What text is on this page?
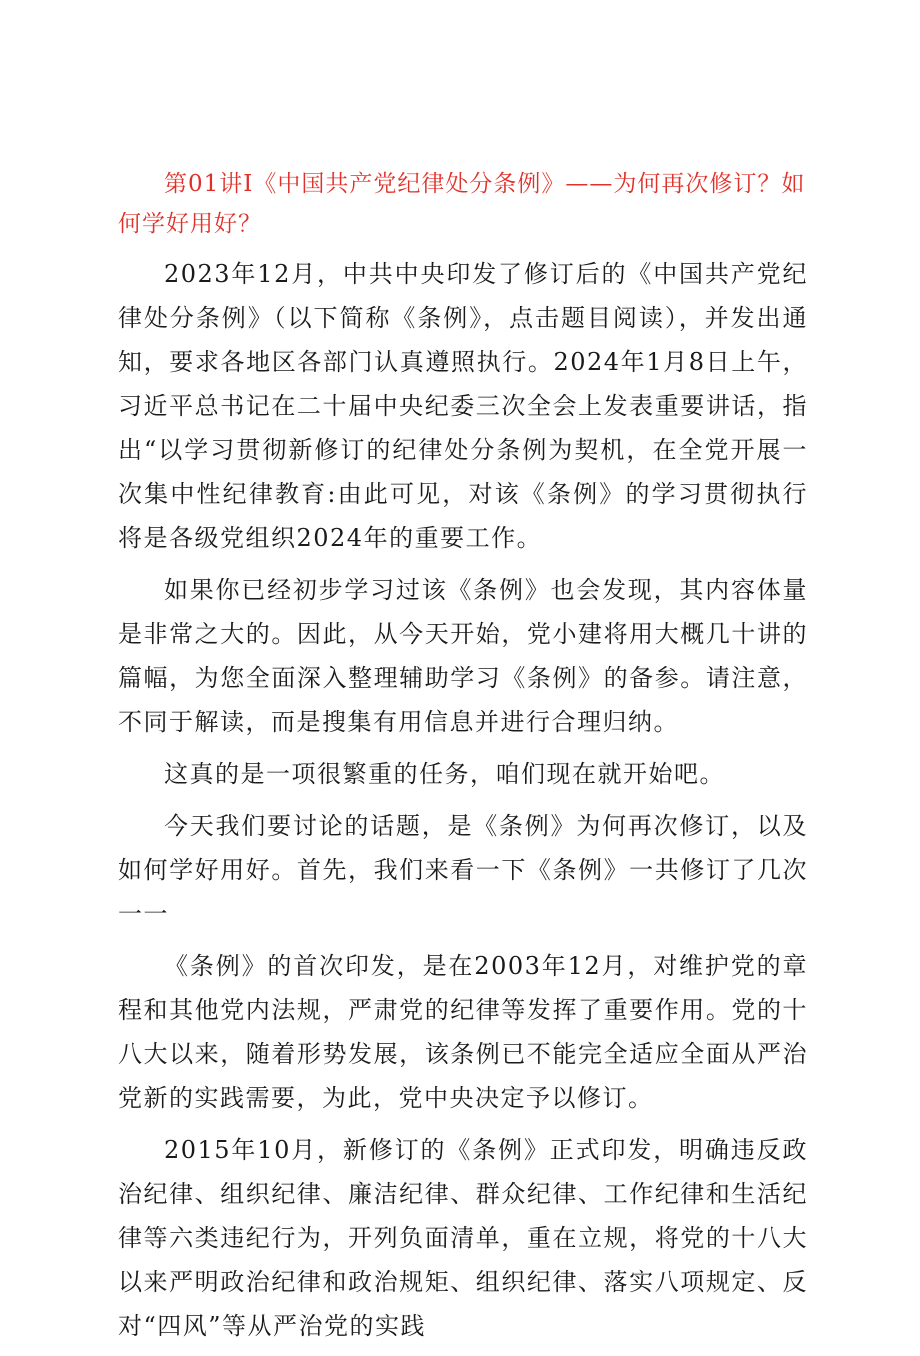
第01讲I《中国共产党纪律处分条例》——为何再次修订？如何学好用好？

2023年12月，中共中央印发了修订后的《中国共产党纪律处分条例》（以下简称《条例》，点击题目阅读），并发出通知，要求各地区各部门认真遵照执行。2024年1月8日上午，习近平总书记在二十届中央纪委三次全会上发表重要讲话，指出“以学习贯彻新修订的纪律处分条例为契机，在全党开展一次集中性纪律教育:由此可见，对该《条例》的学习贯彻执行将是各级党组织2024年的重要工作。

如果你已经初步学习过该《条例》也会发现，其内容体量是非常之大的。因此，从今天开始，党小建将用大概几十讲的篇幅，为您全面深入整理辅助学习《条例》的备参。请注意，不同于解读，而是搜集有用信息并进行合理归纳。

这真的是一项很繁重的任务，咱们现在就开始吧。

今天我们要讨论的话题，是《条例》为何再次修订，以及如何学好用好。首先，我们来看一下《条例》一共修订了几次一一

《条例》的首次印发，是在2003年12月，对维护党的章程和其他党内法规，严肃党的纪律等发挥了重要作用。党的十八大以来，随着形势发展，该条例已不能完全适应全面从严治党新的实践需要，为此，党中央决定予以修订。

2015年10月，新修订的《条例》正式印发，明确违反政治纪律、组织纪律、廉洁纪律、群众纪律、工作纪律和生活纪律等六类违纪行为，开列负面清单，重在立规，将党的十八大以来严明政治纪律和政治规矩、组织纪律、落实八项规定、反对“四风”等从严治党的实践
